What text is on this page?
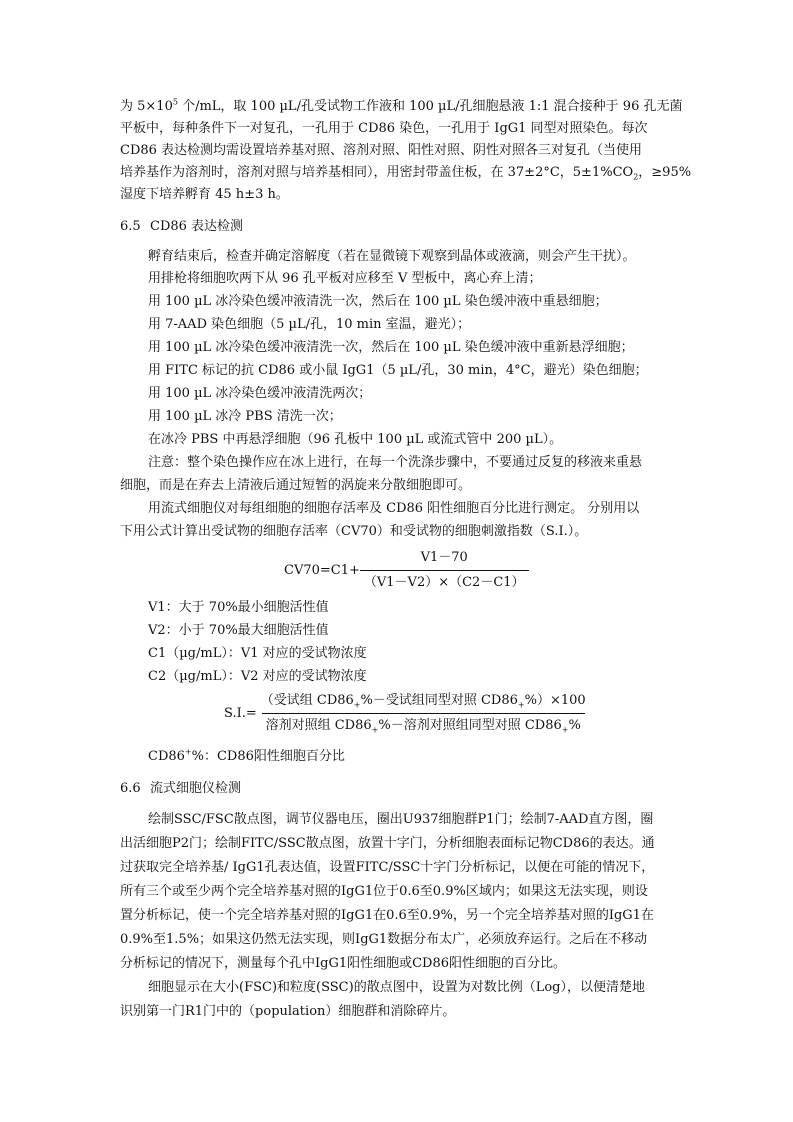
为 $5\times 10^5$ 个/mL，取 100 µL/孔受试物工作液和 100 µL/孔细胞悬液 1:1 混合接种于 96 孔无菌
平板中，每种条件下一对复孔，一孔用于 CD86 染色，一孔用于 IgG1 同型对照染色。每次
CD86 表达检测均需设置培养基对照、溶剂对照、阳性对照、阴性对照各三对复孔（当使用
培养基作为溶剂时，溶剂对照与培养基相同），用密封带盖住板，在 37±2°C，$5\pm 1\%CO_2$，≥95%
湿度下培养孵育 45 h±3 h。
6.5 CD86 表达检测
孵育结束后，检查并确定溶解度（若在显微镜下观察到晶体或液滴，则会产生干扰）。
用排枪将细胞吹两下从 96 孔平板对应移至 V 型板中，离心弃上清；
用 100 µL 冰冷染色缓冲液清洗一次，然后在 100 µL 染色缓冲液中重悬细胞；
用 7-AAD 染色细胞（5 µL/孔，10 min 室温，避光）；
用 100 µL 冰冷染色缓冲液清洗一次，然后在 100 µL 染色缓冲液中重新悬浮细胞；
用 FITC 标记的抗 CD86 或小鼠 IgG1（5 µL/孔，30 min，4°C，避光）染色细胞；
用 100 µL 冰冷染色缓冲液清洗两次；
用 100 µL 冰冷 PBS 清洗一次；
在冰冷 PBS 中再悬浮细胞（96 孔板中 100 µL 或流式管中 200 µL）。
注意：整个染色操作应在冰上进行，在每一个洗涤步骤中，不要通过反复的移液来重悬
细胞，而是在弃去上清液后通过短暂的涡旋来分散细胞即可。
用流式细胞仪对每组细胞的细胞存活率及 CD86 阳性细胞百分比进行测定。 分别用以
下用公式计算出受试物的细胞存活率（CV70）和受试物的细胞刺激指数（S.I.）。
$CV70=C1+ \frac{V1-70}{(V1-V2)\times(C2-C1)}$
V1：大于 70%最小细胞活性值
V2：小于 70%最大细胞活性值
C1（µg/mL）：V1 对应的受试物浓度
C2（µg/mL）：V2 对应的受试物浓度
$S.I.= \frac{(受试组 CD86_+\%-受试组同型对照 CD86_+\%)\times 100}{溶剂对照组 CD86_+\%-溶剂对照组同型对照 CD86_+\%}$
CD86+%：CD86阳性细胞百分比
6.6 流式细胞仪检测
绘制SSC/FSC散点图，调节仪器电压，圈出U937细胞群P1门；绘制7-AAD直方图，圈
出活细胞P2门；绘制FITC/SSC散点图，放置十字门，分析细胞表面标记物CD86的表达。通
过获取完全培养基/ IgG1孔表达值，设置FITC/SSC十字门分析标记，以便在可能的情况下，
所有三个或至少两个完全培养基对照的IgG1位于0.6至0.9%区域内；如果这无法实现，则设
置分析标记，使一个完全培养基对照的IgG1在0.6至0.9%，另一个完全培养基对照的IgG1在
0.9%至1.5%；如果这仍然无法实现，则IgG1数据分布太广，必须放弃运行。之后在不移动
分析标记的情况下，测量每个孔中IgG1阳性细胞或CD86阳性细胞的百分比。
细胞显示在大小(FSC)和粒度(SSC)的散点图中，设置为对数比例（Log），以便清楚地
识别第一门R1门中的（population）细胞群和消除碎片。
